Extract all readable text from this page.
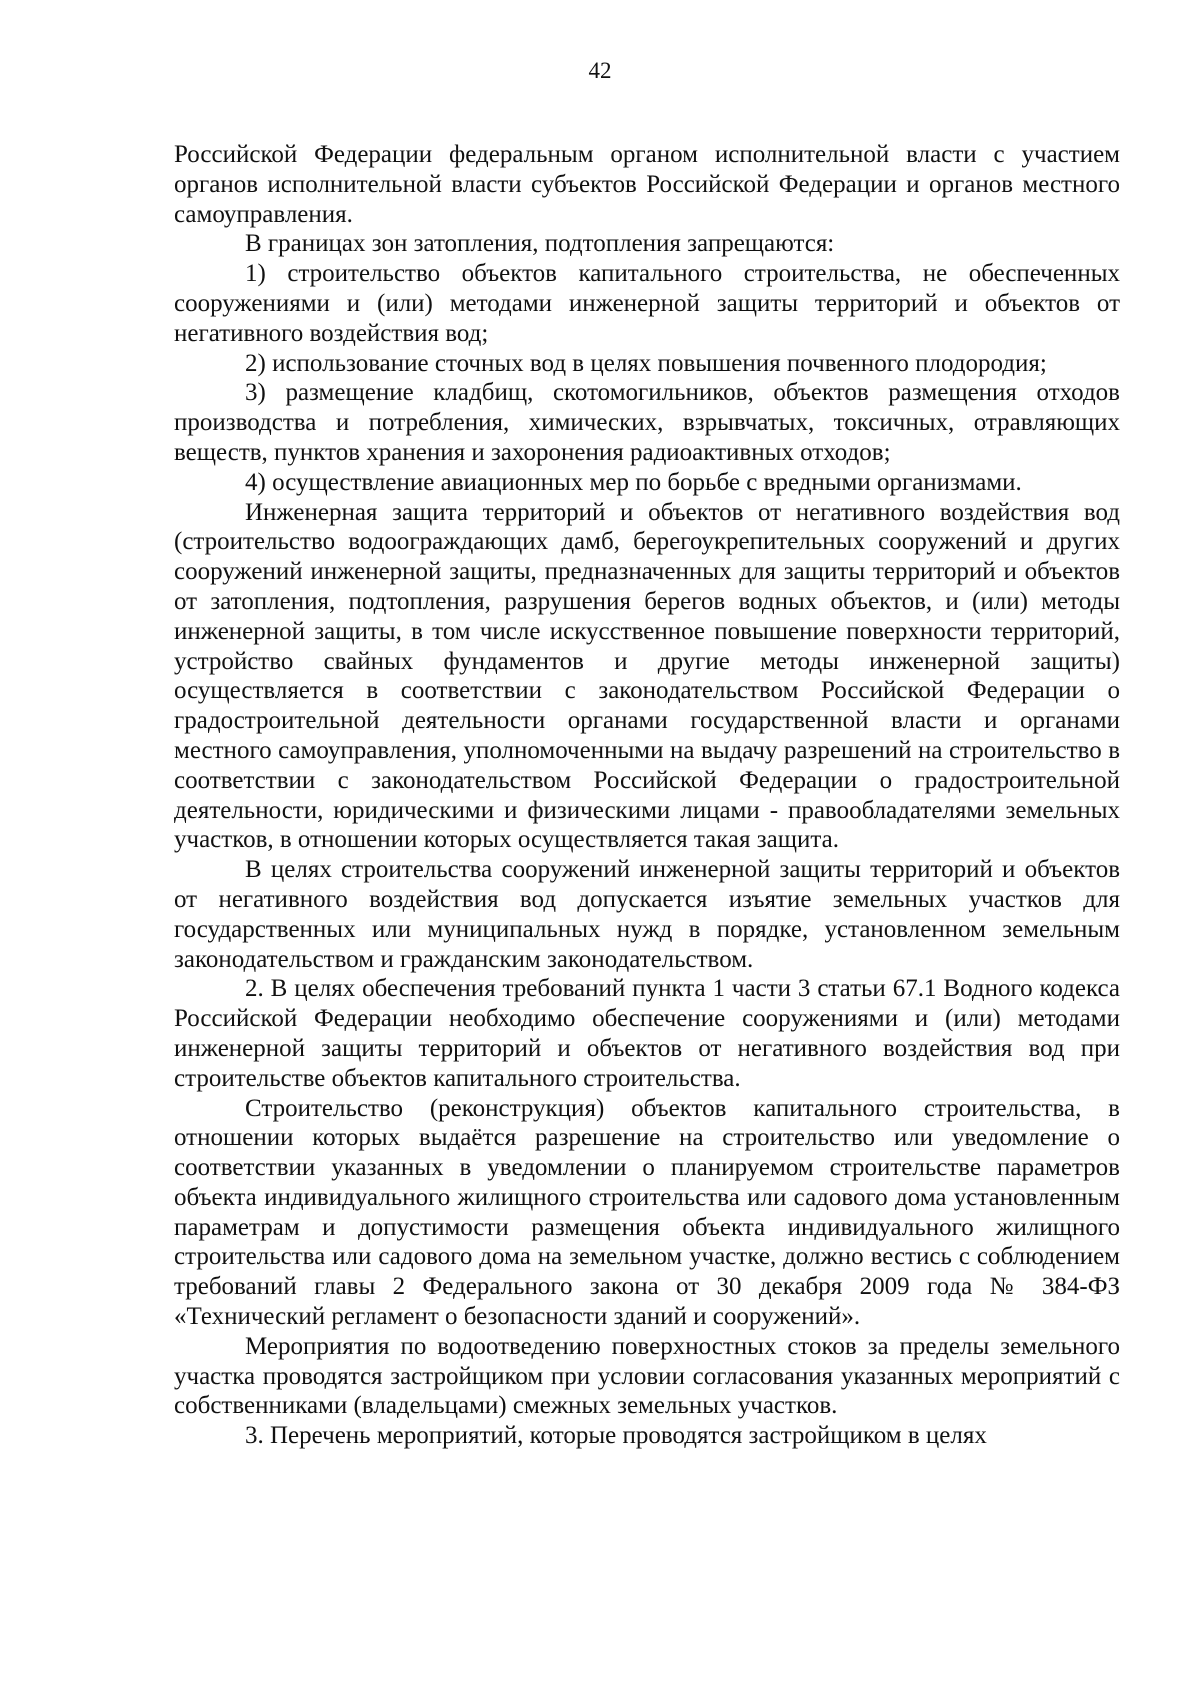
42

Российской Федерации федеральным органом исполнительной власти с участием органов исполнительной власти субъектов Российской Федерации и органов местного самоуправления.

В границах зон затопления, подтопления запрещаются:

1) строительство объектов капитального строительства, не обеспеченных сооружениями и (или) методами инженерной защиты территорий и объектов от негативного воздействия вод;

2) использование сточных вод в целях повышения почвенного плодородия;

3) размещение кладбищ, скотомогильников, объектов размещения отходов производства и потребления, химических, взрывчатых, токсичных, отравляющих веществ, пунктов хранения и захоронения радиоактивных отходов;

4) осуществление авиационных мер по борьбе с вредными организмами.

Инженерная защита территорий и объектов от негативного воздействия вод (строительство водоограждающих дамб, берегоукрепительных сооружений и других сооружений инженерной защиты, предназначенных для защиты территорий и объектов от затопления, подтопления, разрушения берегов водных объектов, и (или) методы инженерной защиты, в том числе искусственное повышение поверхности территорий, устройство свайных фундаментов и другие методы инженерной защиты) осуществляется в соответствии с законодательством Российской Федерации о градостроительной деятельности органами государственной власти и органами местного самоуправления, уполномоченными на выдачу разрешений на строительство в соответствии с законодательством Российской Федерации о градостроительной деятельности, юридическими и физическими лицами - правообладателями земельных участков, в отношении которых осуществляется такая защита.

В целях строительства сооружений инженерной защиты территорий и объектов от негативного воздействия вод допускается изъятие земельных участков для государственных или муниципальных нужд в порядке, установленном земельным законодательством и гражданским законодательством.

2. В целях обеспечения требований пункта 1 части 3 статьи 67.1 Водного кодекса Российской Федерации необходимо обеспечение сооружениями и (или) методами инженерной защиты территорий и объектов от негативного воздействия вод при строительстве объектов капитального строительства.

Строительство (реконструкция) объектов капитального строительства, в отношении которых выдаётся разрешение на строительство или уведомление о соответствии указанных в уведомлении о планируемом строительстве параметров объекта индивидуального жилищного строительства или садового дома установленным параметрам и допустимости размещения объекта индивидуального жилищного строительства или садового дома на земельном участке, должно вестись с соблюдением требований главы 2 Федерального закона от 30 декабря 2009 года № 384-ФЗ «Технический регламент о безопасности зданий и сооружений».

Мероприятия по водоотведению поверхностных стоков за пределы земельного участка проводятся застройщиком при условии согласования указанных мероприятий с собственниками (владельцами) смежных земельных участков.

3. Перечень мероприятий, которые проводятся застройщиком в целях
